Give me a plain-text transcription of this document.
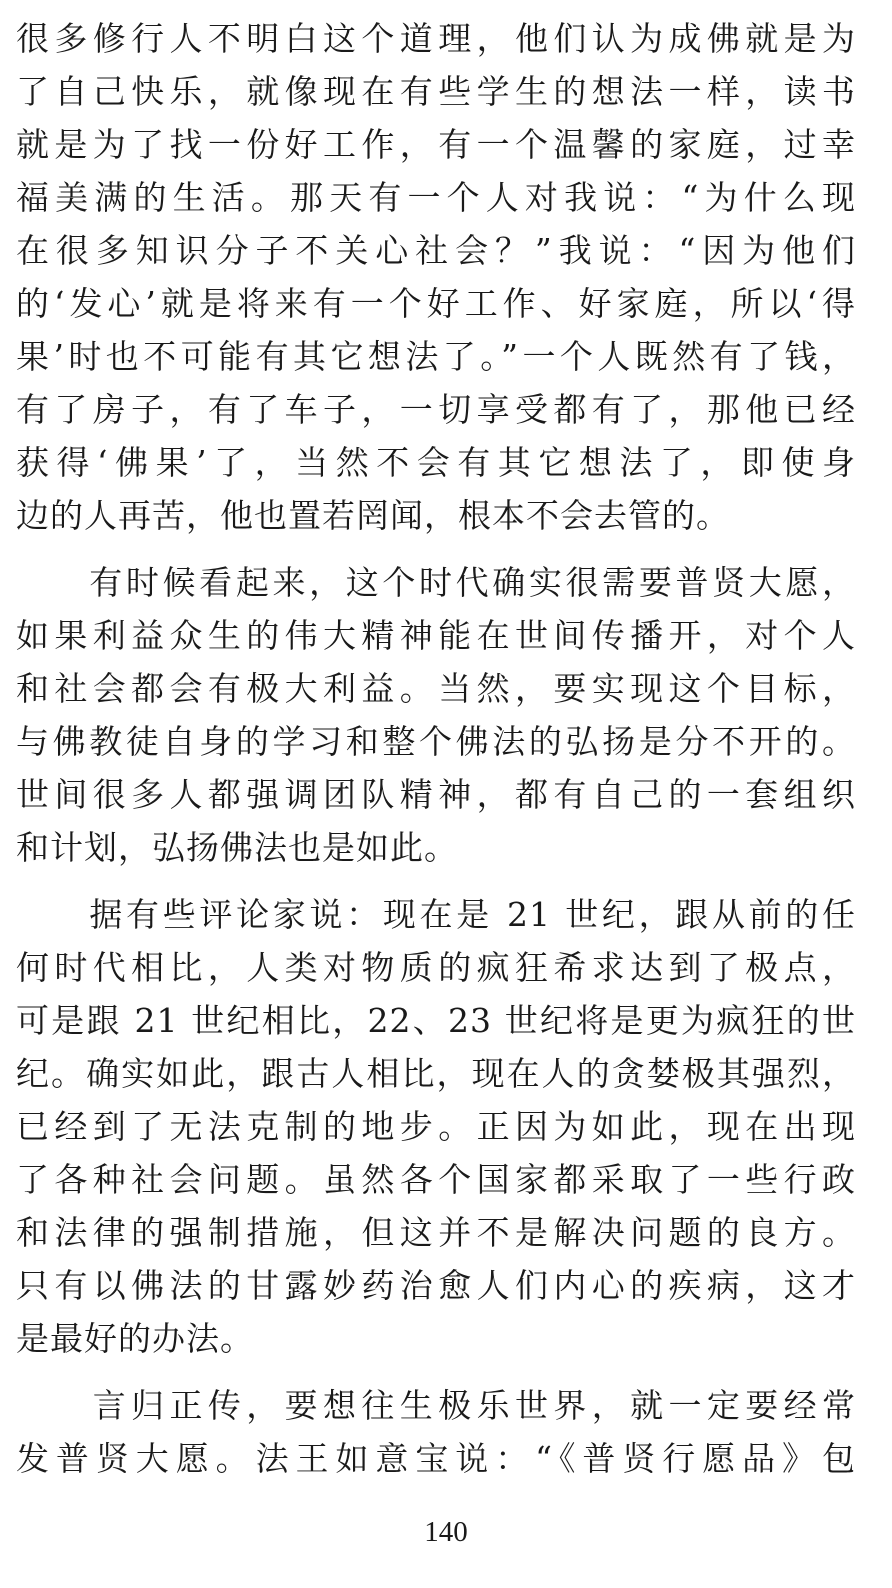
很多修行人不明白这个道理，他们认为成佛就是为
了自己快乐，就像现在有些学生的想法一样，读书
就是为了找一份好工作，有一个温馨的家庭，过幸
福美满的生活。那天有一个人对我说：“为什么现
在很多知识分子不关心社会？”我说：“因为他们
的‘发心’就是将来有一个好工作、好家庭，所以‘得
果’时也不可能有其它想法了。”一个人既然有了钱，
有了房子，有了车子，一切享受都有了，那他已经
获得‘佛果’了，当然不会有其它想法了，即使身
边的人再苦，他也置若罔闻，根本不会去管的。
　　有时候看起来，这个时代确实很需要普贤大愿，
如果利益众生的伟大精神能在世间传播开，对个人
和社会都会有极大利益。当然，要实现这个目标，
与佛教徒自身的学习和整个佛法的弘扬是分不开的。
世间很多人都强调团队精神，都有自己的一套组织
和计划，弘扬佛法也是如此。
　　据有些评论家说：现在是 21 世纪，跟从前的任
何时代相比，人类对物质的疯狂希求达到了极点，
可是跟 21 世纪相比，22、23 世纪将是更为疯狂的世
纪。确实如此，跟古人相比，现在人的贪婪极其强烈，
已经到了无法克制的地步。正因为如此，现在出现
了各种社会问题。虽然各个国家都采取了一些行政
和法律的强制措施，但这并不是解决问题的良方。
只有以佛法的甘露妙药治愈人们内心的疾病，这才
是最好的办法。
　　言归正传，要想往生极乐世界，就一定要经常
发普贤大愿。法王如意宝说：“《普贤行愿品》包
140
